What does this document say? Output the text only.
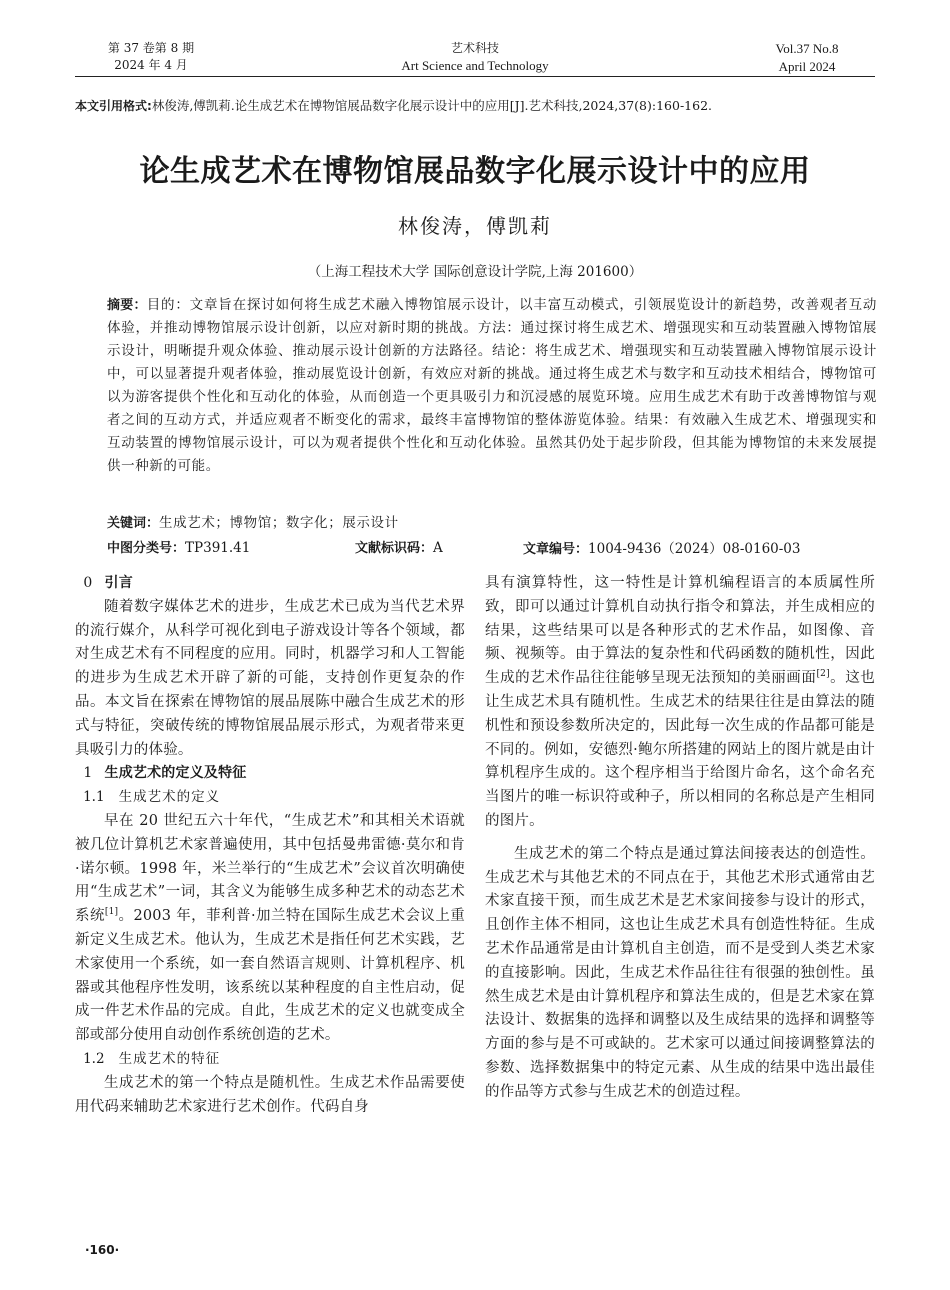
第 37 卷第 8 期
2024 年 4 月
艺术科技
Art Science and Technology
Vol.37 No.8
April 2024
本文引用格式:林俊涛,傅凯莉.论生成艺术在博物馆展品数字化展示设计中的应用[J].艺术科技,2024,37(8):160-162.
论生成艺术在博物馆展品数字化展示设计中的应用
林俊涛，傅凯莉
（上海工程技术大学 国际创意设计学院,上海 201600）
摘要：目的：文章旨在探讨如何将生成艺术融入博物馆展示设计，以丰富互动模式，引领展览设计的新趋势，改善观者互动体验，并推动博物馆展示设计创新，以应对新时期的挑战。方法：通过探讨将生成艺术、增强现实和互动装置融入博物馆展示设计，明晰提升观众体验、推动展示设计创新的方法路径。结论：将生成艺术、增强现实和互动装置融入博物馆展示设计中，可以显著提升观者体验，推动展览设计创新，有效应对新的挑战。通过将生成艺术与数字和互动技术相结合，博物馆可以为游客提供个性化和互动化的体验，从而创造一个更具吸引力和沉浸感的展览环境。应用生成艺术有助于改善博物馆与观者之间的互动方式，并适应观者不断变化的需求，最终丰富博物馆的整体游览体验。结果：有效融入生成艺术、增强现实和互动装置的博物馆展示设计，可以为观者提供个性化和互动化体验。虽然其仍处于起步阶段，但其能为博物馆的未来发展提供一种新的可能。
关键词：生成艺术；博物馆；数字化；展示设计
中图分类号：TP391.41	文献标识码：A	文章编号：1004-9436（2024）08-0160-03

0 引言

随着数字媒体艺术的进步，生成艺术已成为当代艺术界的流行媒介，从科学可视化到电子游戏设计等各个领域，都对生成艺术有不同程度的应用。同时，机器学习和人工智能的进步为生成艺术开辟了新的可能，支持创作更复杂的作品。本文旨在探索在博物馆的展品展陈中融合生成艺术的形式与特征，突破传统的博物馆展品展示形式，为观者带来更具吸引力的体验。

1 生成艺术的定义及特征

1.1 生成艺术的定义

早在 20 世纪五六十年代，“生成艺术”和其相关术语就被几位计算机艺术家普遍使用，其中包括曼弗雷德·莫尔和肯·诺尔顿。1998 年，米兰举行的“生成艺术”会议首次明确使用“生成艺术”一词，其含义为能够生成多种艺术的动态艺术系统[1]。2003 年，菲利普·加兰特在国际生成艺术会议上重新定义生成艺术。他认为，生成艺术是指任何艺术实践，艺术家使用一个系统，如一套自然语言规则、计算机程序、机器或其他程序性发明，该系统以某种程度的自主性启动，促成一件艺术作品的完成。自此，生成艺术的定义也就变成全部或部分使用自动创作系统创造的艺术。

1.2 生成艺术的特征

生成艺术的第一个特点是随机性。生成艺术作品需要使用代码来辅助艺术家进行艺术创作。代码自身

具有演算特性，这一特性是计算机编程语言的本质属性所致，即可以通过计算机自动执行指令和算法，并生成相应的结果，这些结果可以是各种形式的艺术作品，如图像、音频、视频等。由于算法的复杂性和代码函数的随机性，因此生成的艺术作品往往能够呈现无法预知的美丽画面[2]。这也让生成艺术具有随机性。生成艺术的结果往往是由算法的随机性和预设参数所决定的，因此每一次生成的作品都可能是不同的。例如，安德烈·鲍尔所搭建的网站上的图片就是由计算机程序生成的。这个程序相当于给图片命名，这个命名充当图片的唯一标识符或种子，所以相同的名称总是产生相同的图片。

生成艺术的第二个特点是通过算法间接表达的创造性。生成艺术与其他艺术的不同点在于，其他艺术形式通常由艺术家直接干预，而生成艺术是艺术家间接参与设计的形式，且创作主体不相同，这也让生成艺术具有创造性特征。生成艺术作品通常是由计算机自主创造，而不是受到人类艺术家的直接影响。因此，生成艺术作品往往有很强的独创性。虽然生成艺术是由计算机程序和算法生成的，但是艺术家在算法设计、数据集的选择和调整以及生成结果的选择和调整等方面的参与是不可或缺的。艺术家可以通过间接调整算法的参数、选择数据集中的特定元素、从生成的结果中选出最佳的作品等方式参与生成艺术的创造过程。

·160·
